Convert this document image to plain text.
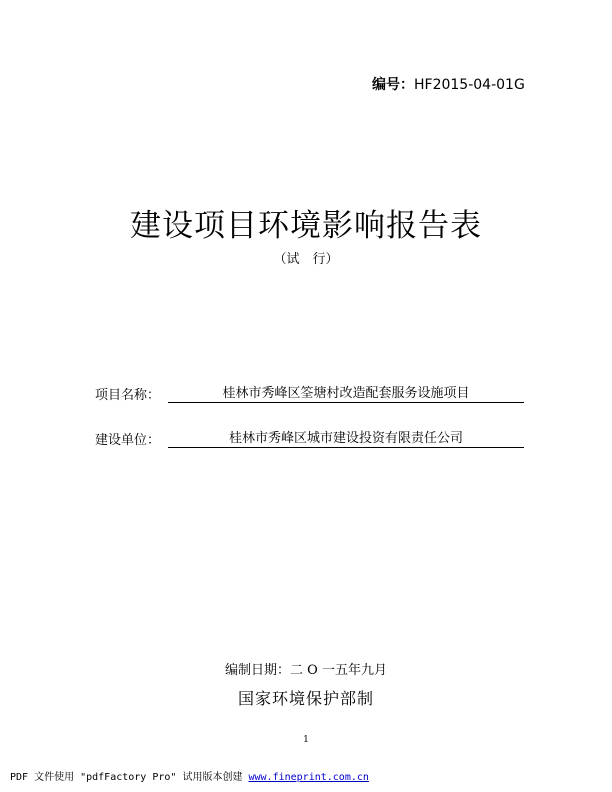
编号：HF2015-04-01G
建设项目环境影响报告表
（试　行）
项目名称：	桂林市秀峰区筌塘村改造配套服务设施项目
建设单位：	桂林市秀峰区城市建设投资有限责任公司
编制日期：二 O 一五年九月
国家环境保护部制
1
PDF 文件使用 "pdfFactory Pro" 试用版本创建 www.fineprint.com.cn
